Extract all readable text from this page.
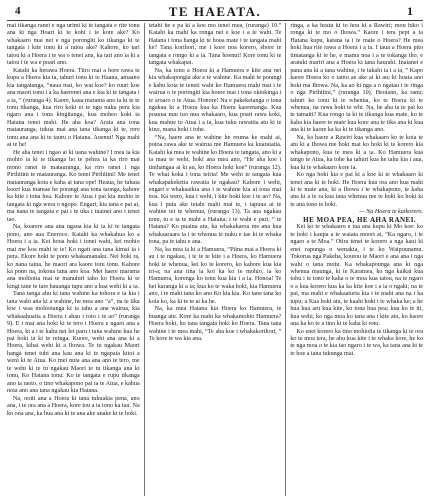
4	TE HAEATA.	1

mai tikanga ranei e nga urimi ki te tangata e rite tonu ana ki nga Hoari ki te kohi i te kore ake? Ko whakaaro mai nei e nga porongiti ko tikanga ki te tangata i kite tonu ki a ratou ake? Kahore, ko tari tatou ki a Hoera i te wa o tenei ana, ka tari ano ia ki a tatou i te wa e poari ano.

Katahi ka herawa Hoera. Tiiro mai a hore rawa te kupu a Hoera kia ia, tahuri tonu ki te Haana, amaano kia tangatanga, “naua mai, ko wai koe? ko ruuri koe ana maori tonu i a ka haerenei ana e kia ki te tangata i a ia, ” (ruranga 4). Kaore, kaua marama ano ia ki te te tonu tikanga, kua riro koki ei te ngu nuku pera kia ngaro ana i tona kingitanga, kua moheo koki ia Hatana tenei mahi. He aha koa? Araia ana tona matauranga, tukua mai ana tana tikanga ki te, rere tonu ana ana ki te tauru o Hatana. Auenui! Nga mahi ai te he!

He aha tenei i ngao ai ki uana wahine? I mea ia kia mohio ia ki te tikanga ho te pehea ia ka riro mai mono ranei te matauranga, ka riro ranei i nga Pirihitini te matauranga. Ko tenei Pirihitini! Me tenei matauranga koia e kaha ai tana ope! Heaua, he tuhaia koori kua mamae he porangi ana tona taonga, kahore ka kite i tona hea. Kahore te Atua i pai kia mohio te tangata ki nga wera o ngopo. Engari, kia tana e pai ai, ma nana te tangata e pai i te uka i tuainei ano i tenei tao.

Na, koarere ana ana ngaua kia ki ia ki te tangata pono, ano aua Eneroco. Katahi ka whakahua ko a Hoera i a ia. Kei houa hoki i tonei wahi, kei mohio mai me koa mahi te ie! Ko ngati ana tana kimai ia i pera. Ekore hoki te pono whakamanaku. Nei hoki ra, ko nana taina, he maori ara kaore toru tonu. Kahore ka pono na, tokona tana ano koa. Mei haere marama ana mohiotia mai te manuhiri taho ko Hoera ki te kingi tane te tare hauanga tupu ano a kua wehi ki a ia.

Tana tanga ahu ki tana wahine ka tohora e ia kia i tana wahi ana ki a wahine, he mea ano “a”, na te tika koe i waa mohiotanga ki ta tahu a ana wairua, kia whakaahuatia a Hoera i ahau i roto i te ao” (ruranga 9). E i mai ana hoki ki te tero i Hoera e ngaro ana a Hoera, ki a i te kahu nei lei paru i tana wahine kua he pai hoki ia ki te reinga. Kuore, wehi ana ana ki a Hoera, kihai wehi ki a Ihowa. Te tu ngakau Maori hanga tenei tuhi ana kau ana ki te ngapaia kitoi a weni ki te Atua. Ko mei nuia ana ana ano te tero, me te wehi ki te tu ngakau Maori te tu tikanga ana ki tonu, Ko Hatana tonu. Ko te tangata e rupu tikanga ano ia raoto, o tino whakapono pai ia te Atua, e kahua noia ano ana tana ngakau kia Hatana.

Na, ooiti ana a Hoera ki tana tukuakia pena, ano ana, i te ora ana a Hoera, kore tou a ta tono ka tau. Na ko ona ana, ka hua ana ki te ana ake anake ki te hoki.

tetahi he e pa ki a koe mo tenei mea, (ruranga) 10.” Katahi ka mahi ka ronga nei e koe i a te wahi. Te Hatana i tona hanga ki te houa mate i te tangata mahi ke? Tana korihori, me i kore noa korero, ehore te tangata e rongo ki a ia. Tana hoenui! Kore tonu ki te tangata whakapai.

Na, ka tono a Hoera ki a Hamuera e kite ana nei kia whakapongia ake e te wahine. Ka mahi te porangi e kahu koia te teneti wahi ko Hamuera mahi mai i te wairua o te porongiti kia hoere mai i tona okiokinga i te aroaro o te Atua. Honore! Na e pakeketanga o tona ngakau ki a Hoera kua ka Hoera kaorenanga. Kua poauua nuu tuo nua whakaaro, kua poari rawa koki, kua mahue to Atua i a ia, kua tuku rawaitia atu ki te kino, mana hoki i tohe.

“Na, haere ana te wahine he reuma ke mahi ai, potoa rawa ake te wairua me Hamuera ka kuaraiatia. Katahi ka mea te wahine ko Hoera te tangata, ano ki a ia mau te wehi, hoki ana mea ano, “He aha koe i tinihangaa ai ki au, ko Hoera hoki koe” (ruranga 12). Te whai koka i tona teiria! Me wehi te tangata kua whakapakeketia rawatia te ngakau? Kahore i wehi, engari e whakaaikia ana i te wahine kia ai tona mai noa. Ka wero, kua i wehi, i kite hoki koe i te ao? Na, kua i puta ake tetahi mahi mai te, i tapuua ai te wahine tei te whenua, (ruranga 13). Ta ana ngakau tonu, tu e ia te mahi a Hatana; i te wahi e pari, “ te Hatana? Ko puaina atu, ka whakakaroa me ana kua whakaaraara ia i te whenua te nuku e tae ki te whaka tona, pa te tahu e ana.

Na, ka mea ia ki a Hamuera, “Piina mai a Hoera ki au i te ngakau, i te te te kite i a Hoera, ko Hamuera hoki te whenua, kei ko te korero, ko kahore kua kia iri-a; na ana tina ia koi ka ko te mohio, ia ko Hamuera, korenga ko tonu kua kia i a ia. Honoa! Te hei karanga ki a ia; kua ko te waka hoki, kia Hamuera ano, i te mahi tana ko ano Ko kia kia. Ko tane tana ko koia ko, ka ki te te ai ka he.

Na, ka mea Hatana kia Hoera ko Hamuera, te huanga atu. Kore ka mahi ka whakamohio Hamuera? Hoera hoki, ko tana tangata hoki ko Hoera. Tana tana wahine i te mea mahi, “Te aha koe i whakakorikori, ” Te kore te wa kia ana.

ringa, a ka heatu ki to hou ki a Rawiri; mou hiko i ronga ki te mo o Ihowa.” Kaore i tera pepi a ia Hatana kupu, katana ia i te mate o Hoera? He mea hoki hua rite rawa a Hoera i a ia. I taua a Hoera pito timatanga ki te he, e mama noa i a te tokanga iho, e aratuki mariri ana a Hoera ki tana haurahi. Inaianei e pana ana ki a tana wahine, i te takahi ia i a ia, ” Kapo kaore Hoera ko o tamo ae ake ai ki au; ki hoaia ano hoki ma Ihowa. Na, ka ao ki nga a o ngatau i te ringa o nga Pirihitini,” (ruranga 10). Heoiano, ka ranu; tahuri ko tonu ki te whenua, ko te Hoera ki te whenua, na rawa hoki te whi. Na, he aha ia te pai ko te tamaiti? Kua rongo ia ki te tikanga kua mate, ko te kaha kia haere te mate kua kore ana te tika ana ki kua ana ki te kaore ka ka ki te tikanga ano.

Na, ka haere a Rawiri kua whakaaro ko te koia te atu ki a Ihowa me hoki mai ko hoki ki te korero kia whakapono, kua te mea ki a ia. Ko Hamuera kua tango te Atua, ka tohe ka tahuri kua he tahu kia i aua, kua ki te whakaaro kore ia.

Ko nga hoki kia e pai ki a koe ki te whakaaro ki tenei ana ki te hoki. He Hoera kua ora ano kua mahi ki te mate ana, ki a Ihowa i te whakapono, te kaha ana ki a te ra kua taua whenua me te hoki ko hoki ki te ana tono te hoki.

— Na Hoera te kaikorero.

HE MOA PEA, HE AHA RANEI.

Kei ko te whakaaro e tua ana kupu ki Mo koe: ko te hoki i kaupa a te waiata moori ai, “Ka ngaro, i te ngaro a te Moa.” Otira tenei te korero a nga kaui ki enei rapunga o wenakia, i te ko Waipounamu. Tokorua nga Pakeha, koutou te Maori e ana ana i nga wahi o tana motu. Ka whakapounga ana ki nga whenua maunga, ki te Karamea, ko nga kaikai kua tohu i te tono te kaha o te moa kua tatou, na te ngaro o a kua korero kua ka ka kite koe i a ia o ngaki; na te pai, ma mahi e whakaaturia kia i te mahi ana na i ka tupu; a Kua hoki atu, te kaahi hoki i te whaka ke; a he hua kua aru kua kite, ko tona hua pea; kua ko te iti, kua wehi, ko nga moa ko tana ana i kite atu, ko kaore ana ka ko te a tino ki te kaha ki roto.

Ko enei korero ka tino mohiotia te tikanga ki te ora ko te moa tera, he ahu kua kite i te whaka kore, he ko te nga moa o te kia tao ngaro i te wa, ka tana ana ki te te hoe a tana tukunga mai.
